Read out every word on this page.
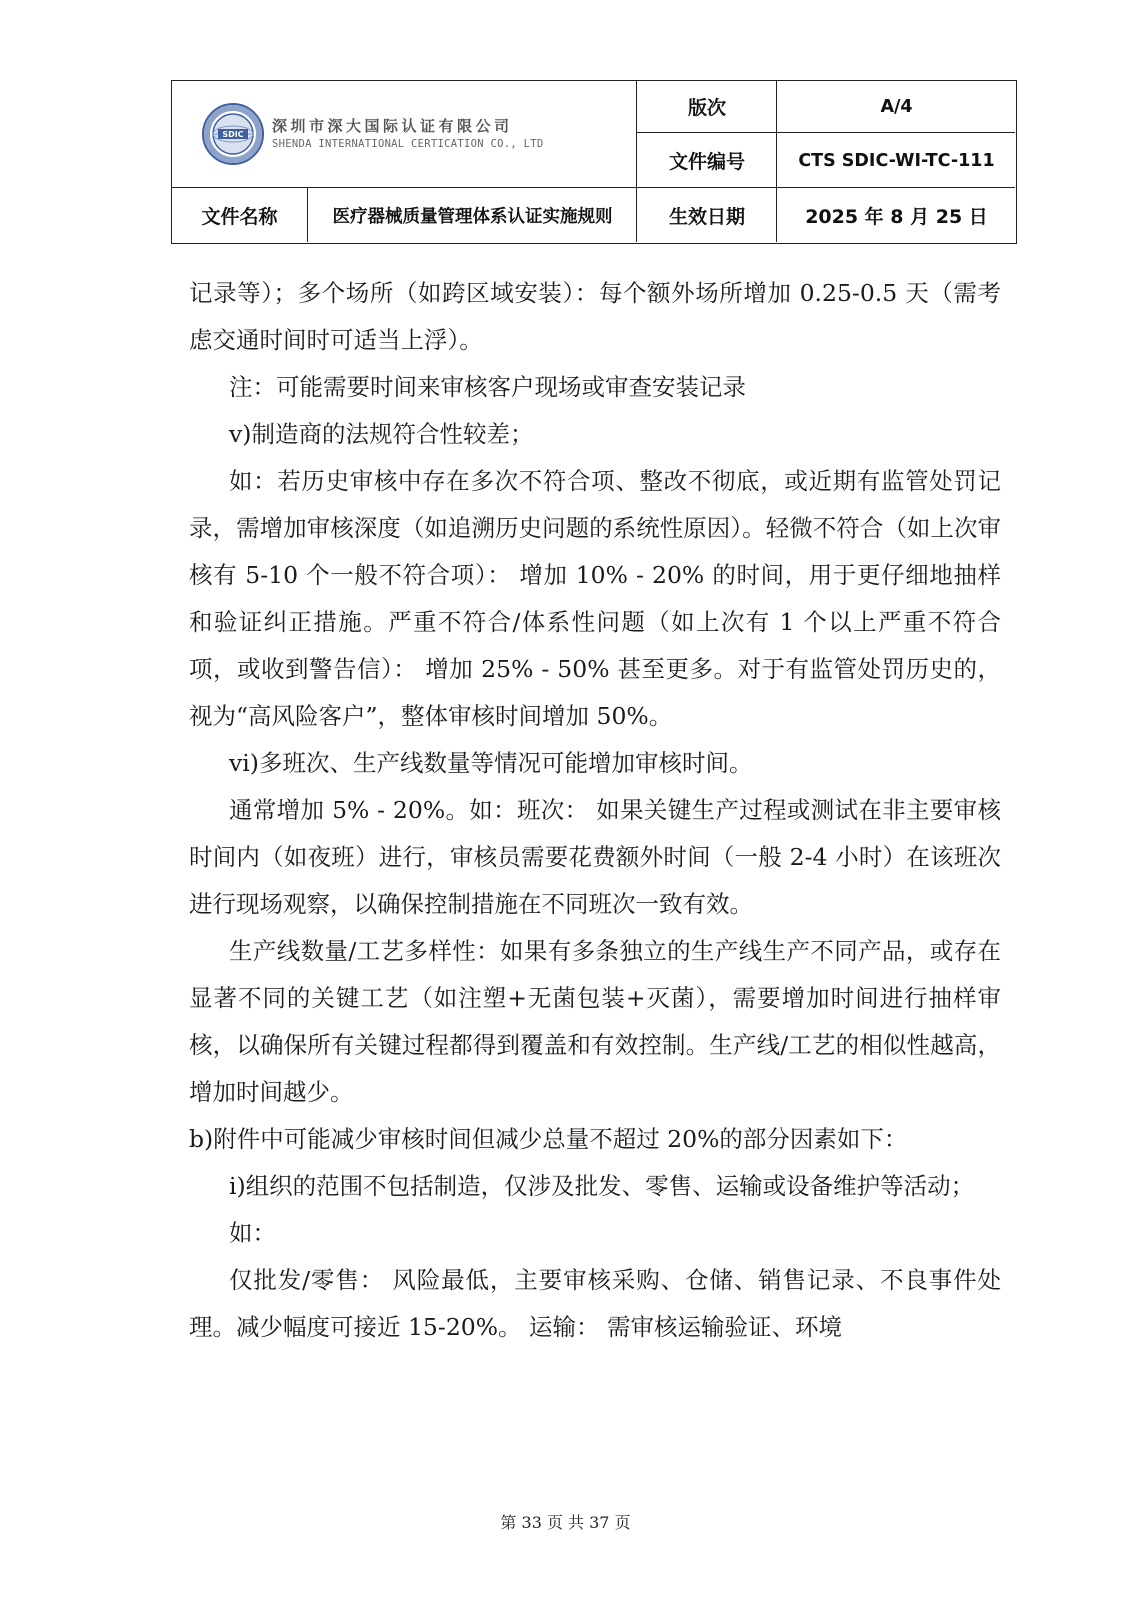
SDIC 深圳市深大国际认证有限公司
SHENDA INTERNATIONAL CERTICATION CO., LTD
版次	A/4
文件编号	CTS SDIC-WI-TC-111
文件名称	医疗器械质量管理体系认证实施规则	生效日期	2025 年 8 月 25 日

记录等）；多个场所（如跨区域安装）：每个额外场所增加 0.25-0.5 天（需考虑交通时间时可适当上浮）。

注：可能需要时间来审核客户现场或审查安装记录

v)制造商的法规符合性较差；

如：若历史审核中存在多次不符合项、整改不彻底，或近期有监管处罚记录，需增加审核深度（如追溯历史问题的系统性原因）。轻微不符合（如上次审核有 5-10 个一般不符合项）： 增加 10% - 20% 的时间，用于更仔细地抽样和验证纠正措施。严重不符合/体系性问题（如上次有 1 个以上严重不符合项，或收到警告信）： 增加 25% - 50% 甚至更多。对于有监管处罚历史的，视为“高风险客户”，整体审核时间增加 50%。

vi)多班次、生产线数量等情况可能增加审核时间。

通常增加 5% - 20%。如：班次： 如果关键生产过程或测试在非主要审核时间内（如夜班）进行，审核员需要花费额外时间（一般 2-4 小时）在该班次进行现场观察，以确保控制措施在不同班次一致有效。

生产线数量/工艺多样性：如果有多条独立的生产线生产不同产品，或存在显著不同的关键工艺（如注塑+无菌包装+灭菌），需要增加时间进行抽样审核，以确保所有关键过程都得到覆盖和有效控制。生产线/工艺的相似性越高，增加时间越少。

b)附件中可能减少审核时间但减少总量不超过 20%的部分因素如下：

i)组织的范围不包括制造，仅涉及批发、零售、运输或设备维护等活动；

如：

仅批发/零售： 风险最低，主要审核采购、仓储、销售记录、不良事件处理。减少幅度可接近 15-20%。 运输： 需审核运输验证、环境

第 33 页 共 37 页
